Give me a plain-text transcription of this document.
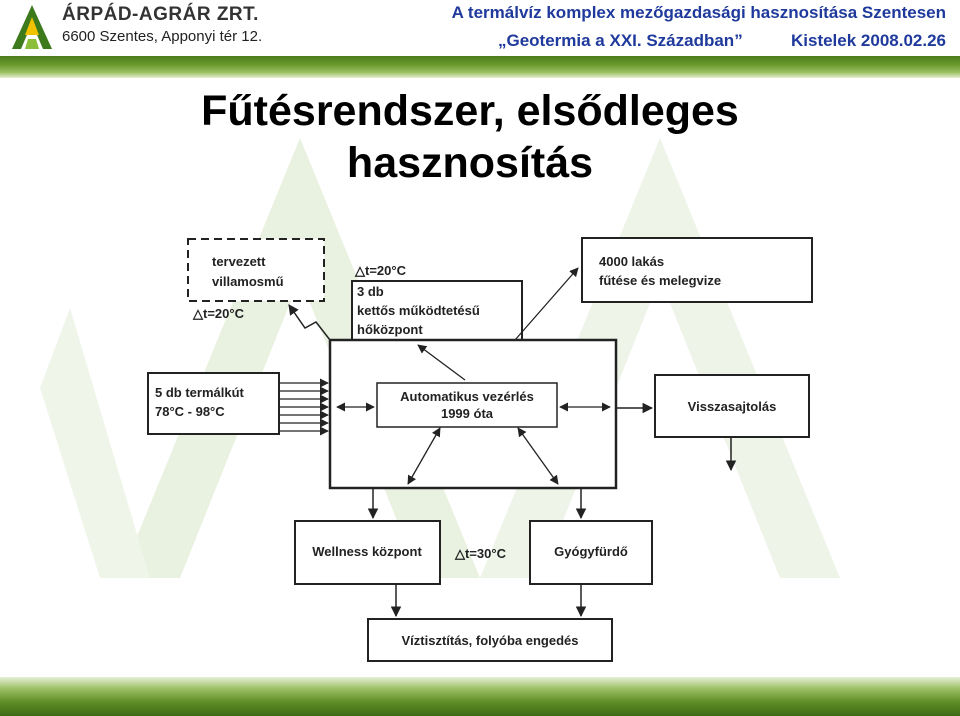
ÁRPÁD-AGRÁR ZRT.
6600 Szentes, Apponyi tér 12.
A termálvíz komplex mezőgazdasági hasznosítása Szentesen
„Geotermia a XXI. Században”	Kistelek 2008.02.26
Fűtésrendszer, elsődleges
hasznosítás
tervezett
villamosmű
△t=20°C
△t=20°C
3 db
kettős működtetésű
hőközpont
4000 lakás
fűtése és melegvize
5 db termálkút
78°C - 98°C
Automatikus vezérlés
1999 óta	Visszasajtolás
Wellness központ	△t=30°C	Gyógyfürdő
Víztisztítás, folyóba engedés
